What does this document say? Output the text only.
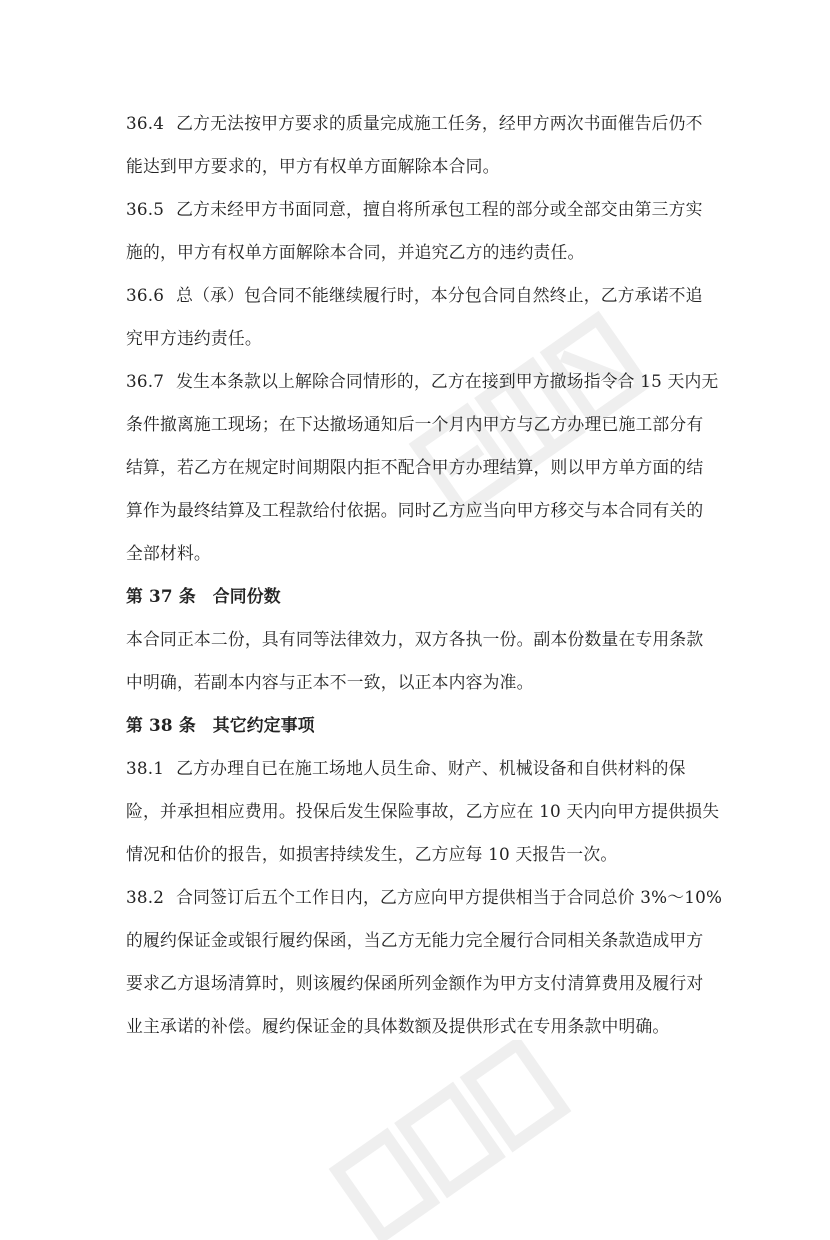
36.4 乙方无法按甲方要求的质量完成施工任务，经甲方两次书面催告后仍不
能达到甲方要求的，甲方有权单方面解除本合同。
36.5 乙方未经甲方书面同意，擅自将所承包工程的部分或全部交由第三方实
施的，甲方有权单方面解除本合同，并追究乙方的违约责任。
36.6 总（承）包合同不能继续履行时，本分包合同自然终止，乙方承诺不追
究甲方违约责任。
36.7 发生本条款以上解除合同情形的，乙方在接到甲方撤场指令合 15 天内无
条件撤离施工现场；在下达撤场通知后一个月内甲方与乙方办理已施工部分有
结算，若乙方在规定时间期限内拒不配合甲方办理结算，则以甲方单方面的结
算作为最终结算及工程款给付依据。同时乙方应当向甲方移交与本合同有关的
全部材料。
第 37 条　合同份数
本合同正本二份，具有同等法律效力，双方各执一份。副本份数量在专用条款
中明确，若副本内容与正本不一致，以正本内容为准。
第 38 条　其它约定事项
38.1 乙方办理自已在施工场地人员生命、财产、机械设备和自供材料的保
险，并承担相应费用。投保后发生保险事故，乙方应在 10 天内向甲方提供损失
情况和估价的报告，如损害持续发生，乙方应每 10 天报告一次。
38.2 合同签订后五个工作日内，乙方应向甲方提供相当于合同总价 3%～10%
的履约保证金或银行履约保函，当乙方无能力完全履行合同相关条款造成甲方
要求乙方退场清算时，则该履约保函所列金额作为甲方支付清算费用及履行对
业主承诺的补偿。履约保证金的具体数额及提供形式在专用条款中明确。
